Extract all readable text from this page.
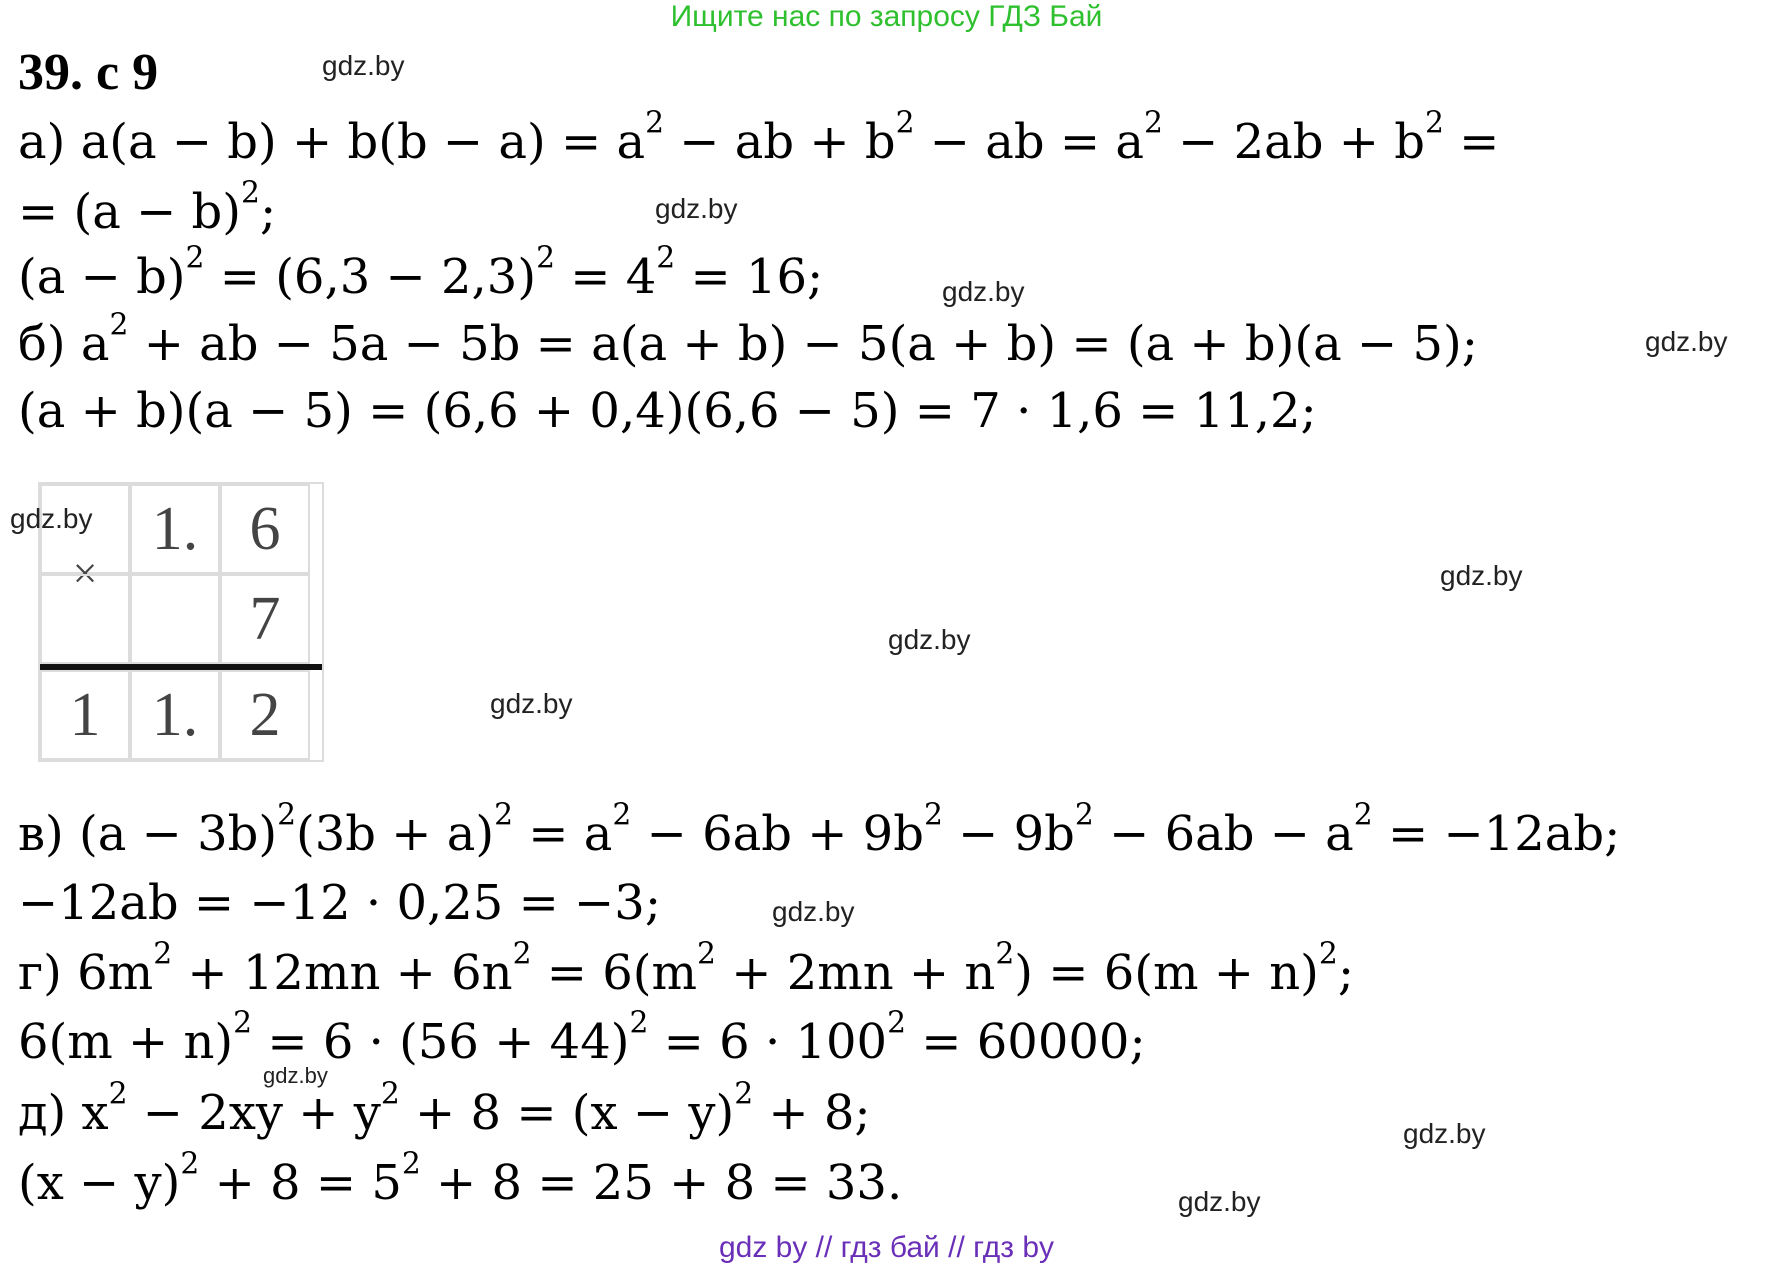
Ищите нас по запросу ГДЗ Бай
39. с 9
а) $a(a - b) + b(b - a) = a^2$ − ab + $b^2$ − ab = $a^2 - 2ab + b^2$ =
= $(a - b)^2$;
$(a - b)^2 = (6,3 - 2,3)^2 = 4^2 = 16$;
б) $a^2$ + ab − 5a − 5b = a(a + b) − 5(a + b) = (a + b)(a − 5);
(a + b)(a − 5) = (6,6 + 0,4)(6,6 − 5) = 7 · 1,6 = 11,2;
×
1. 6
7
1 1. 2
в) $(a - 3b)^2(3b + a)^2 = a^2 - 6ab + 9b^2 - 9b^2 - 6ab - a^2 = -12ab$;
−12ab = −12 · 0,25 = −3;
г) $6m^2 + 12mn + 6n^2 = 6(m^2 + 2mn + n^2) = 6(m + n)^2$;
$6(m + n)^2 = 6 \cdot (56 + 44)^2 = 6 \cdot 100^2 = 60000$;
д) $x^2 - 2xy + y^2 + 8 = (x - y)^2 + 8$;
$(x - y)^2 + 8 = 5^2 + 8 = 25 + 8 = 33$.
gdz.by
gdz.by
gdz.by
gdz.by
gdz.by
gdz.by
gdz.by
gdz.by
gdz.by
gdz.by
gdz.by
gdz.by
gdz by // гдз бай // гдз by
